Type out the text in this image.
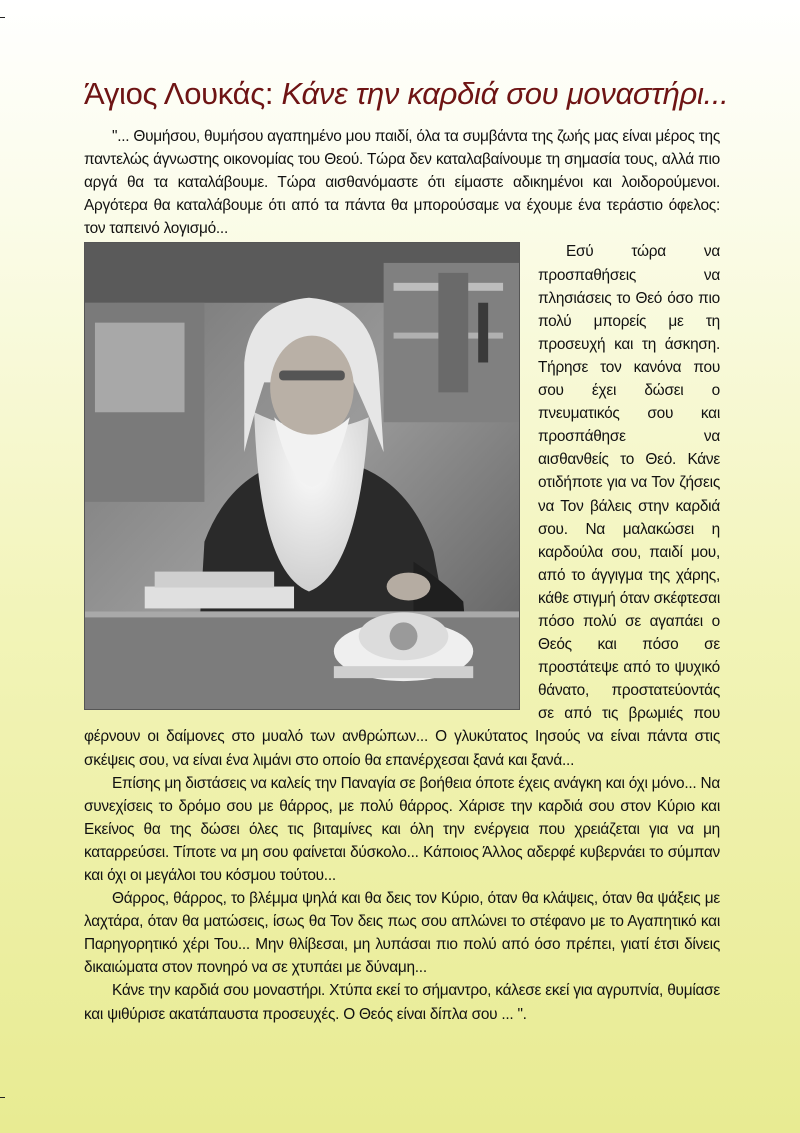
Άγιος Λουκάς: Κάνε την καρδιά σου μοναστήρι...

"... Θυμήσου, θυμήσου αγαπημένο μου παιδί, όλα τα συμβάντα της ζωής μας είναι μέρος της παντελώς άγνωστης οικονομίας του Θεού. Τώρα δεν καταλαβαίνουμε τη σημασία τους, αλλά πιο αργά θα τα καταλάβουμε. Τώρα αισθανόμαστε ότι είμαστε αδικημένοι και λοιδορούμενοι. Αργότερα θα καταλάβουμε ότι από τα πάντα θα μπορούσαμε να έχουμε ένα τεράστιο όφελος: τον ταπεινό λογισμό...

Εσύ τώρα να προσπαθήσεις να πλησιάσεις το Θεό όσο πιο πολύ μπορείς με τη προσευχή και τη άσκηση. Τήρησε τον κανόνα που σου έχει δώσει ο πνευματικός σου και προσπάθησε να αισθανθείς το Θεό. Κάνε οτιδήποτε για να Τον ζήσεις να Τον βάλεις στην καρδιά σου. Να μαλακώσει η καρδούλα σου, παιδί μου, από το άγγιγμα της χάρης, κάθε στιγμή όταν σκέφτεσαι πόσο πολύ σε αγαπάει ο Θεός και πόσο σε προστάτεψε από το ψυχικό θάνατο, προστατεύοντάς σε από τις βρωμιές που φέρνουν οι δαίμονες στο μυαλό των ανθρώπων... Ο γλυκύτατος Ιησούς να είναι πάντα στις σκέψεις σου, να είναι ένα λιμάνι στο οποίο θα επανέρχεσαι ξανά και ξανά...

Επίσης μη διστάσεις να καλείς την Παναγία σε βοήθεια όποτε έχεις ανάγκη και όχι μόνο... Να συνεχίσεις το δρόμο σου με θάρρος, με πολύ θάρρος. Χάρισε την καρδιά σου στον Κύριο και Εκείνος θα της δώσει όλες τις βιταμίνες και όλη την ενέργεια που χρειάζεται για να μη καταρρεύσει. Τίποτε να μη σου φαίνεται δύσκολο... Κάποιος Άλλος αδερφέ κυβερνάει το σύμπαν και όχι οι μεγάλοι του κόσμου τούτου...

Θάρρος, θάρρος, το βλέμμα ψηλά και θα δεις τον Κύριο, όταν θα κλάψεις, όταν θα ψάξεις με λαχτάρα, όταν θα ματώσεις, ίσως θα Τον δεις πως σου απλώνει το στέφανο με το Αγαπητικό και Παρηγορητικό χέρι Του... Μην θλίβεσαι, μη λυπάσαι πιο πολύ από όσο πρέπει, γιατί έτσι δίνεις δικαιώματα στον πονηρό να σε χτυπάει με δύναμη...

Κάνε την καρδιά σου μοναστήρι. Χτύπα εκεί το σήμαντρο, κάλεσε εκεί για αγρυπνία, θυμίασε και ψιθύρισε ακατάπαυστα προσευχές. Ο Θεός είναι δίπλα σου ... ".
